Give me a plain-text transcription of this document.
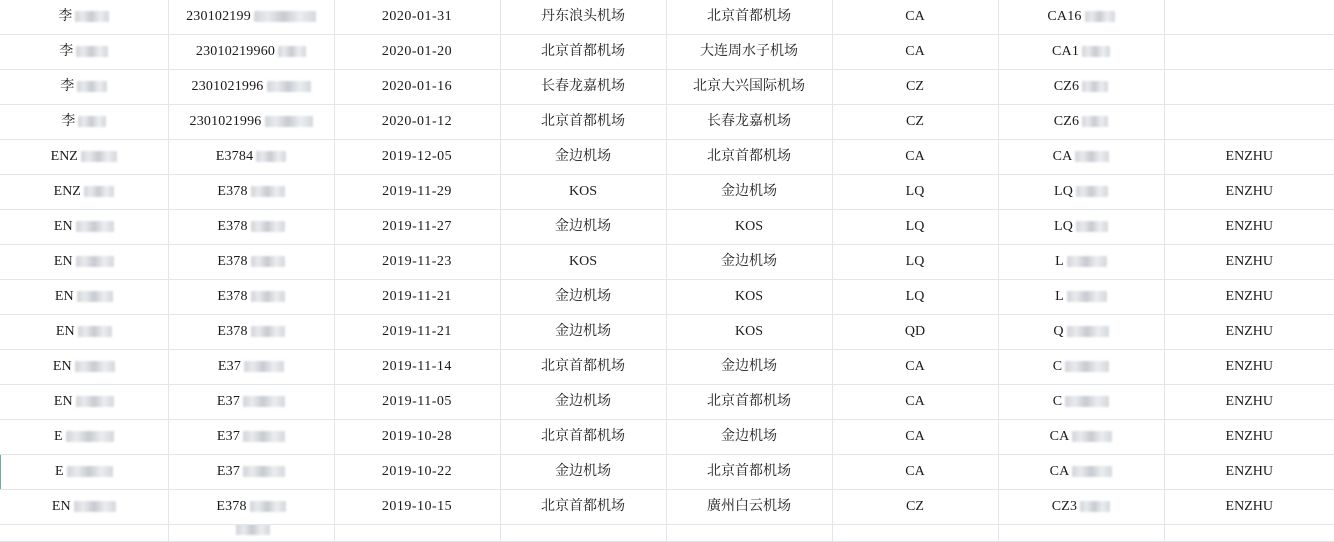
李	230102199	2020-01-31	丹东浪头机场	北京首都机场	CA	CA16	

李	23010219960	2020-01-20	北京首都机场	大连周水子机场	CA	CA1	

李	2301021996	2020-01-16	长春龙嘉机场	北京大兴国际机场	CZ	CZ6	

李	2301021996	2020-01-12	北京首都机场	长春龙嘉机场	CZ	CZ6	

ENZ	E3784	2019-12-05	金边机场	北京首都机场	CA	CA	ENZHU

ENZ	E378	2019-11-29	KOS	金边机场	LQ	LQ	ENZHU

EN	E378	2019-11-27	金边机场	KOS	LQ	LQ	ENZHU

EN	E378	2019-11-23	KOS	金边机场	LQ	L	ENZHU

EN	E378	2019-11-21	金边机场	KOS	LQ	L	ENZHU

EN	E378	2019-11-21	金边机场	KOS	QD	Q	ENZHU

EN	E37	2019-11-14	北京首都机场	金边机场	CA	C	ENZHU

EN	E37	2019-11-05	金边机场	北京首都机场	CA	C	ENZHU

E	E37	2019-10-28	北京首都机场	金边机场	CA	CA	ENZHU

E	E37	2019-10-22	金边机场	北京首都机场	CA	CA	ENZHU

EN	E378	2019-10-15	北京首都机场	廣州白云机场	CZ	CZ3	ENZHU
